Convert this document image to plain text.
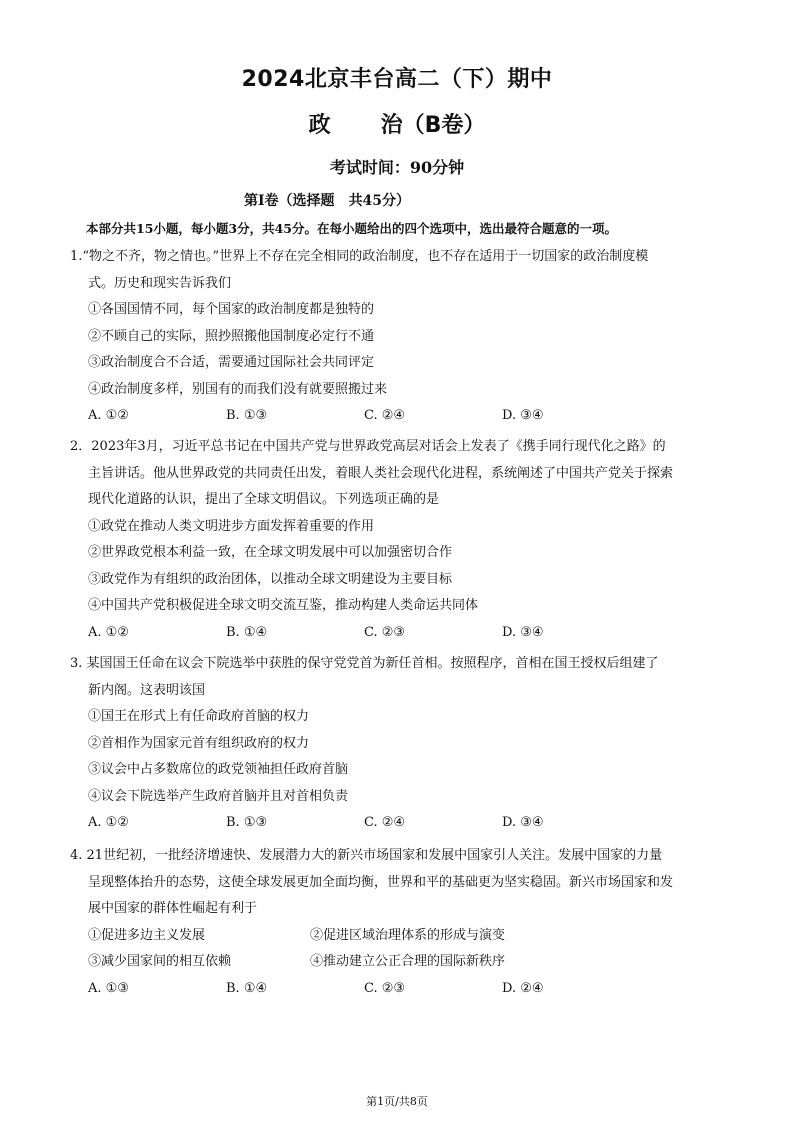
2024北京丰台高二（下）期中
政 治（B卷）
考试时间：90分钟
第Ⅰ卷（选择题 共45分）
本部分共15小题，每小题3分，共45分。在每小题给出的四个选项中，选出最符合题意的一项。
1.“物之不齐，物之情也。”世界上不存在完全相同的政治制度，也不存在适用于一切国家的政治制度模
式。历史和现实告诉我们
①各国国情不同，每个国家的政治制度都是独特的
②不顾自己的实际，照抄照搬他国制度必定行不通
③政治制度合不合适，需要通过国际社会共同评定
④政治制度多样，别国有的而我们没有就要照搬过来
A. ①②	B. ①③	C. ②④	D. ③④
2．2023年3月，习近平总书记在中国共产党与世界政党高层对话会上发表了《携手同行现代化之路》的
主旨讲话。他从世界政党的共同责任出发，着眼人类社会现代化进程，系统阐述了中国共产党关于探索
现代化道路的认识，提出了全球文明倡议。下列选项正确的是
①政党在推动人类文明进步方面发挥着重要的作用
②世界政党根本利益一致，在全球文明发展中可以加强密切合作
③政党作为有组织的政治团体，以推动全球文明建设为主要目标
④中国共产党积极促进全球文明交流互鉴，推动构建人类命运共同体
A. ①②	B. ①④	C. ②③	D. ③④
3. 某国国王任命在议会下院选举中获胜的保守党党首为新任首相。按照程序，首相在国王授权后组建了
新内阁。这表明该国
①国王在形式上有任命政府首脑的权力
②首相作为国家元首有组织政府的权力
③议会中占多数席位的政党领袖担任政府首脑
④议会下院选举产生政府首脑并且对首相负责
A. ①②	B. ①③	C. ②④	D. ③④
4. 21世纪初，一批经济增速快、发展潜力大的新兴市场国家和发展中国家引人关注。发展中国家的力量
呈现整体抬升的态势，这使全球发展更加全面均衡，世界和平的基础更为坚实稳固。新兴市场国家和发
展中国家的群体性崛起有利于
①促进多边主义发展	②促进区域治理体系的形成与演变
③减少国家间的相互依赖	④推动建立公正合理的国际新秩序
A. ①③	B. ①④	C. ②③	D. ②④
第1页/共8页
